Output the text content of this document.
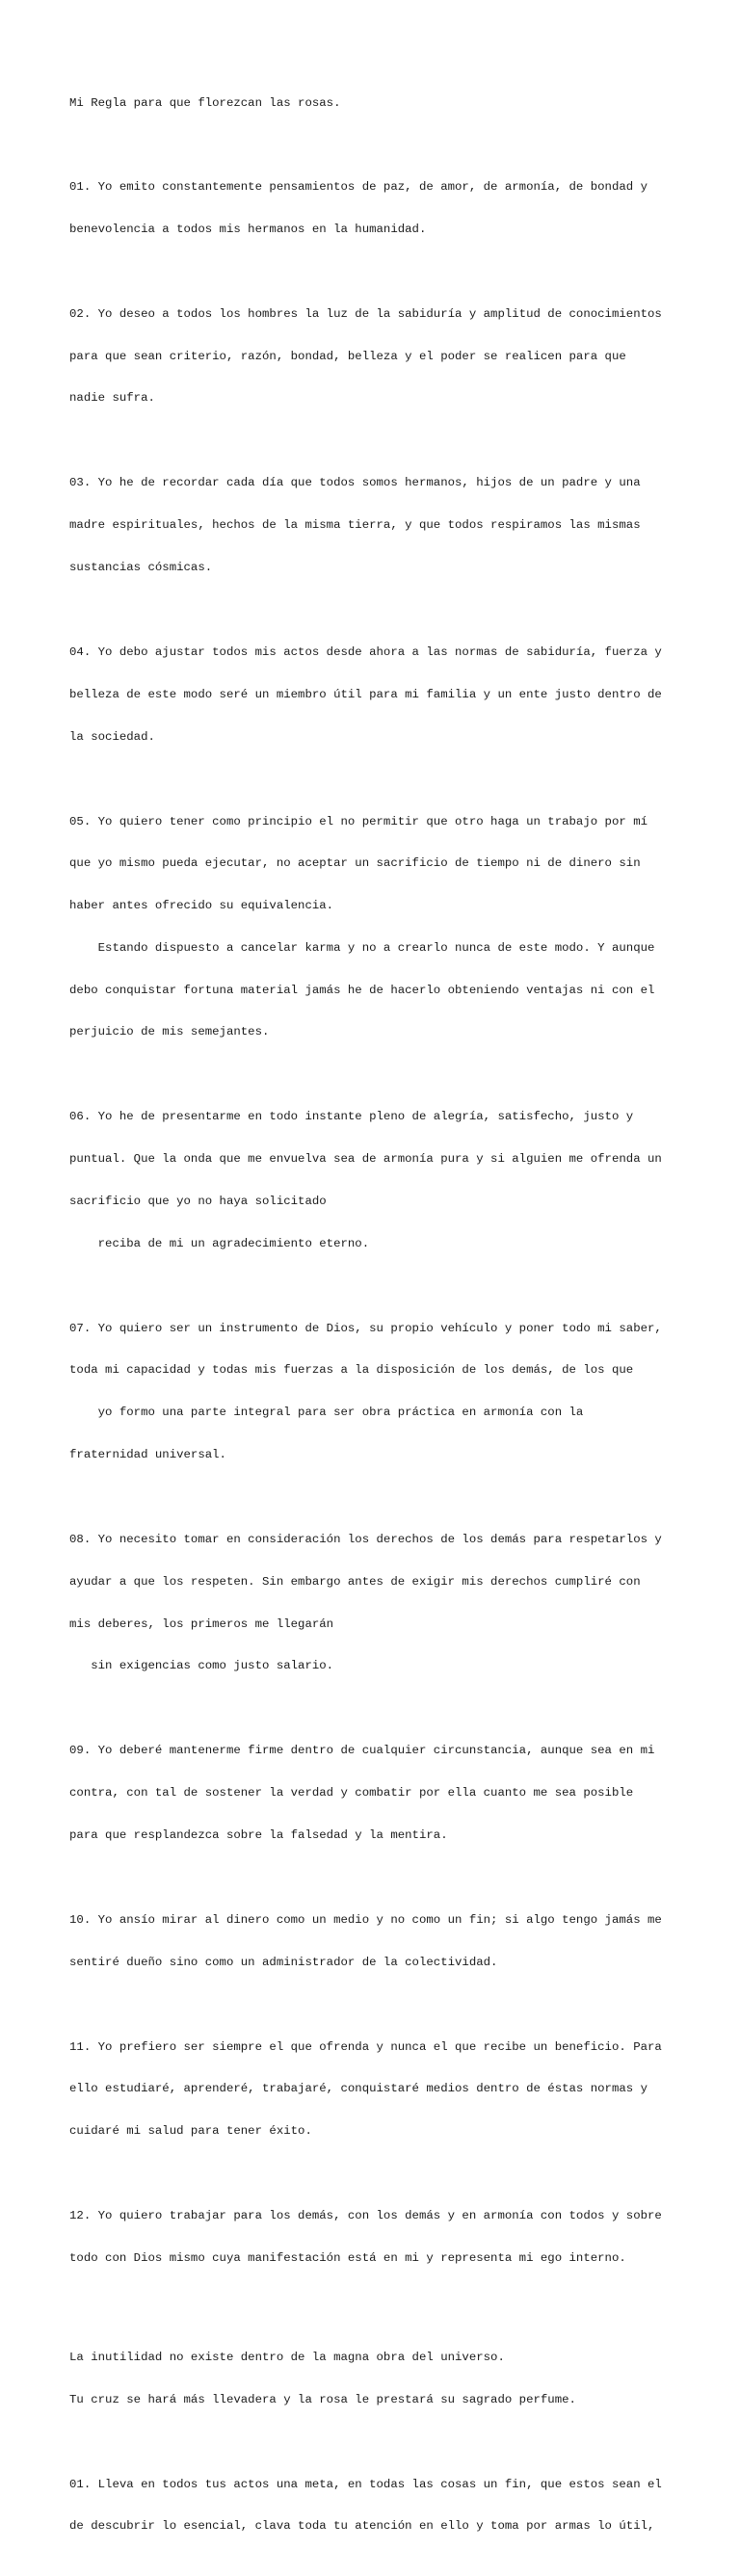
Mi Regla para que florezcan las rosas.

01. Yo emito constantemente pensamientos de paz, de amor, de armonía, de bondad y

benevolencia a todos mis hermanos en la humanidad.

02. Yo deseo a todos los hombres la luz de la sabiduría y amplitud de conocimientos

para que sean criterio, razón, bondad, belleza y el poder se realicen para que

nadie sufra.

03. Yo he de recordar cada día que todos somos hermanos, hijos de un padre y una

madre espirituales, hechos de la misma tierra, y que todos respiramos las mismas

sustancias cósmicas.

04. Yo debo ajustar todos mis actos desde ahora a las normas de sabiduría, fuerza y

belleza de este modo seré un miembro útil para mi familia y un ente justo dentro de

la sociedad.

05. Yo quiero tener como principio el no permitir que otro haga un trabajo por mí

que yo mismo pueda ejecutar, no aceptar un sacrificio de tiempo ni de dinero sin

haber antes ofrecido su equivalencia.

Estando dispuesto a cancelar karma y no a crearlo nunca de este modo. Y aunque

debo conquistar fortuna material jamás he de hacerlo obteniendo ventajas ni con el

perjuicio de mis semejantes.

06. Yo he de presentarme en todo instante pleno de alegría, satisfecho, justo y

puntual. Que la onda que me envuelva sea de armonía pura y si alguien me ofrenda un

sacrificio que yo no haya solicitado

reciba de mi un agradecimiento eterno.

07. Yo quiero ser un instrumento de Dios, su propio vehículo y poner todo mi saber,

toda mi capacidad y todas mis fuerzas a la disposición de los demás, de los que

yo formo una parte integral para ser obra práctica en armonía con la

fraternidad universal.

08. Yo necesito tomar en consideración los derechos de los demás para respetarlos y

ayudar a que los respeten. Sin embargo antes de exigir mis derechos cumpliré con

mis deberes, los primeros me llegarán

sin exigencias como justo salario.

09. Yo deberé mantenerme firme dentro de cualquier circunstancia, aunque sea en mi

contra, con tal de sostener la verdad y combatir por ella cuanto me sea posible

para que resplandezca sobre la falsedad y la mentira.

10. Yo ansío mirar al dinero como un medio y no como un fin; si algo tengo jamás me

sentiré dueño sino como un administrador de la colectividad.

11. Yo prefiero ser siempre el que ofrenda y nunca el que recibe un beneficio. Para

ello estudiaré, aprenderé, trabajaré, conquistaré medios dentro de éstas normas y

cuidaré mi salud para tener éxito.

12. Yo quiero trabajar para los demás, con los demás y en armonía con todos y sobre

todo con Dios mismo cuya manifestación está en mi y representa mi ego interno.

La inutilidad no existe dentro de la magna obra del universo.

Tu cruz se hará más llevadera y la rosa le prestará su sagrado perfume.

01. Lleva en todos tus actos una meta, en todas las cosas un fin, que estos sean el

de descubrir lo esencial, clava toda tu atención en ello y toma por armas lo útil,
